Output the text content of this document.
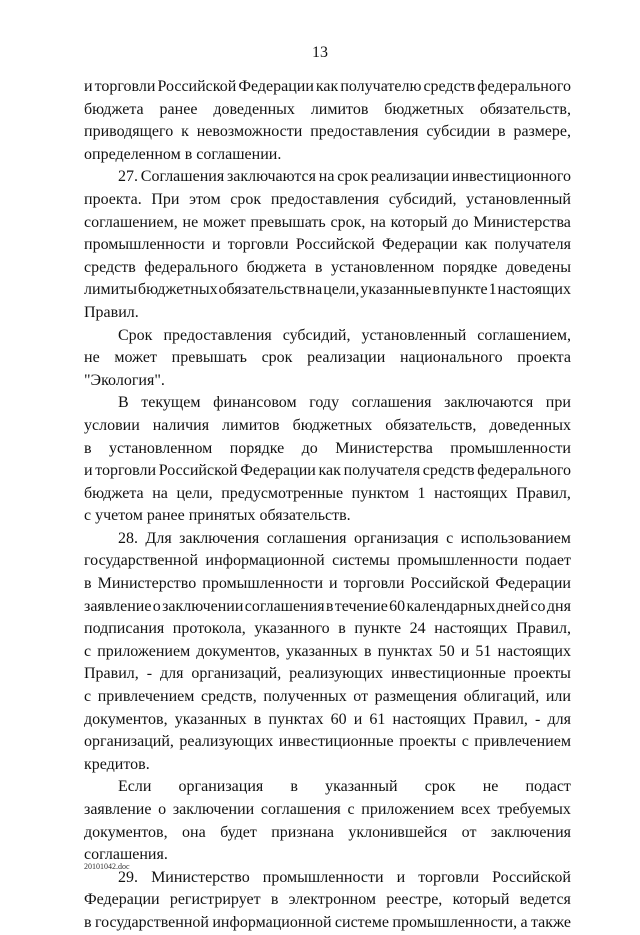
13
и торговли Российской Федерации как получателю средств федерального
бюджета ранее доведенных лимитов бюджетных обязательств,
приводящего к невозможности предоставления субсидии в размере,
определенном в соглашении.
27. Соглашения заключаются на срок реализации инвестиционного
проекта. При этом срок предоставления субсидий, установленный
соглашением, не может превышать срок, на который до Министерства
промышленности и торговли Российской Федерации как получателя
средств федерального бюджета в установленном порядке доведены
лимиты бюджетных обязательств на цели, указанные в пункте 1 настоящих
Правил.
Срок предоставления субсидий, установленный соглашением,
не может превышать срок реализации национального проекта
"Экология".
В текущем финансовом году соглашения заключаются при
условии наличия лимитов бюджетных обязательств, доведенных
в установленном порядке до Министерства промышленности
и торговли Российской Федерации как получателя средств федерального
бюджета на цели, предусмотренные пунктом 1 настоящих Правил,
с учетом ранее принятых обязательств.
28. Для заключения соглашения организация с использованием
государственной информационной системы промышленности подает
в Министерство промышленности и торговли Российской Федерации
заявление о заключении соглашения в течение 60 календарных дней со дня
подписания протокола, указанного в пункте 24 настоящих Правил,
с приложением документов, указанных в пунктах 50 и 51 настоящих
Правил, - для организаций, реализующих инвестиционные проекты
с привлечением средств, полученных от размещения облигаций, или
документов, указанных в пунктах 60 и 61 настоящих Правил, - для
организаций, реализующих инвестиционные проекты с привлечением
кредитов.
Если организация в указанный срок не подаст
заявление о заключении соглашения с приложением всех требуемых
документов, она будет признана уклонившейся от заключения
соглашения.
29. Министерство промышленности и торговли Российской
Федерации регистрирует в электронном реестре, который ведется
в государственной информационной системе промышленности, а также
20101042.doc
